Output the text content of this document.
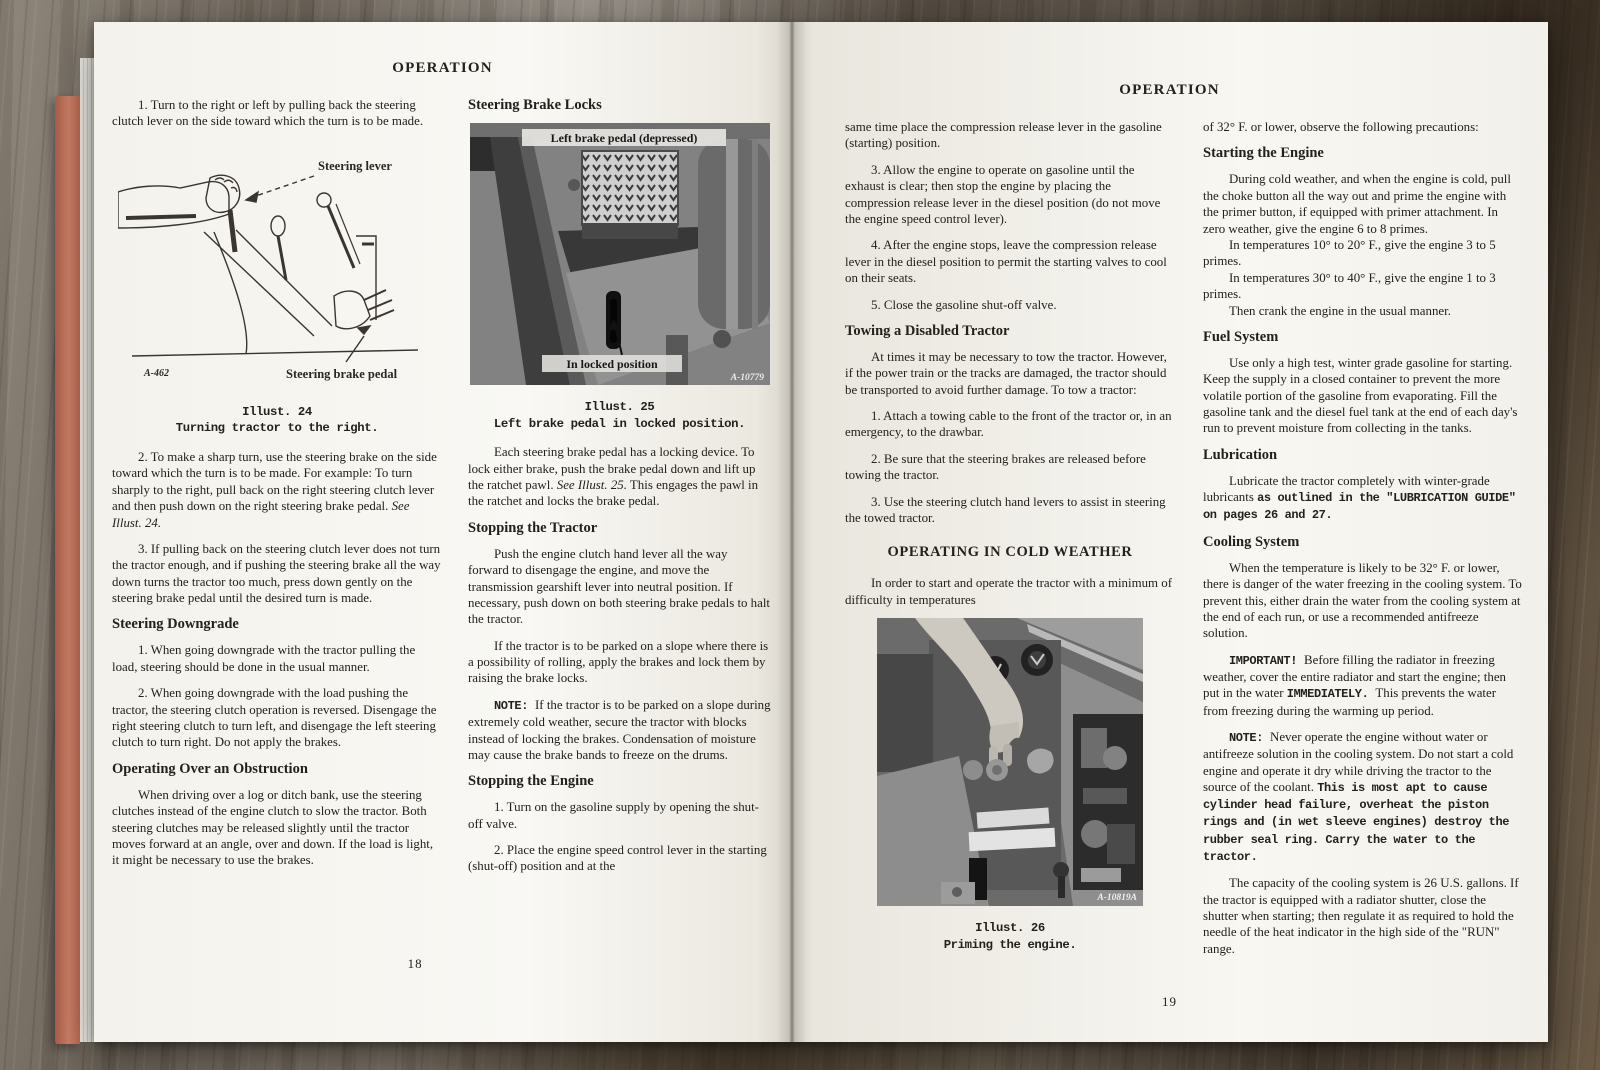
OPERATION

1. Turn to the right or left by pulling back the steering clutch lever on the side toward which the turn is to be made.

Steering lever
Steering brake pedal
A-462
Illust. 24
Turning tractor to the right.

2. To make a sharp turn, use the steering brake on the side toward which the turn is to be made. For example: To turn sharply to the right, pull back on the right steering clutch lever and then push down on the right steering brake pedal. See Illust. 24.

3. If pulling back on the steering clutch lever does not turn the tractor enough, and if pushing the steering brake all the way down turns the tractor too much, press down gently on the steering brake pedal until the desired turn is made.

Steering Downgrade

1. When going downgrade with the tractor pulling the load, steering should be done in the usual manner.

2. When going downgrade with the load pushing the tractor, the steering clutch operation is reversed. Disengage the right steering clutch to turn left, and disengage the left steering clutch to turn right. Do not apply the brakes.

Operating Over an Obstruction

When driving over a log or ditch bank, use the steering clutches instead of the engine clutch to slow the tractor. Both steering clutches may be released slightly until the tractor moves forward at an angle, over and down. If the load is light, it might be necessary to use the brakes.

Steering Brake Locks
Left brake pedal (depressed)
In locked position
A-10779
Illust. 25
Left brake pedal in locked position.

Each steering brake pedal has a locking device. To lock either brake, push the brake pedal down and lift up the ratchet pawl. See Illust. 25. This engages the pawl in the ratchet and locks the brake pedal.

Stopping the Tractor

Push the engine clutch hand lever all the way forward to disengage the engine, and move the transmission gearshift lever into neutral position. If necessary, push down on both steering brake pedals to halt the tractor.

If the tractor is to be parked on a slope where there is a possibility of rolling, apply the brakes and lock them by raising the brake locks.

NOTE: If the tractor is to be parked on a slope during extremely cold weather, secure the tractor with blocks instead of locking the brakes. Condensation of moisture may cause the brake bands to freeze on the drums.

Stopping the Engine

1. Turn on the gasoline supply by opening the shut-off valve.

2. Place the engine speed control lever in the starting (shut-off) position and at the

18
OPERATION

same time place the compression release lever in the gasoline (starting) position.

3. Allow the engine to operate on gasoline until the exhaust is clear; then stop the engine by placing the compression release lever in the diesel position (do not move the engine speed control lever).

4. After the engine stops, leave the compression release lever in the diesel position to permit the starting valves to cool on their seats.

5. Close the gasoline shut-off valve.

Towing a Disabled Tractor

At times it may be necessary to tow the tractor. However, if the power train or the tracks are damaged, the tractor should be transported to avoid further damage. To tow a tractor:

1. Attach a towing cable to the front of the tractor or, in an emergency, to the drawbar.

2. Be sure that the steering brakes are released before towing the tractor.

3. Use the steering clutch hand levers to assist in steering the towed tractor.

OPERATING IN COLD WEATHER

In order to start and operate the tractor with a minimum of difficulty in temperatures

A-10819A
Illust. 26
Priming the engine.

of 32° F. or lower, observe the following precautions:

Starting the Engine

During cold weather, and when the engine is cold, pull the choke button all the way out and prime the engine with the primer button, if equipped with primer attachment. In zero weather, give the engine 6 to 8 primes.

In temperatures 10° to 20° F., give the engine 3 to 5 primes.

In temperatures 30° to 40° F., give the engine 1 to 3 primes.

Then crank the engine in the usual manner.

Fuel System

Use only a high test, winter grade gasoline for starting. Keep the supply in a closed container to prevent the more volatile portion of the gasoline from evaporating. Fill the gasoline tank and the diesel fuel tank at the end of each day's run to prevent moisture from collecting in the tanks.

Lubrication

Lubricate the tractor completely with winter-grade lubricants as outlined in the "LUBRICATION GUIDE" on pages 26 and 27.

Cooling System

When the temperature is likely to be 32° F. or lower, there is danger of the water freezing in the cooling system. To prevent this, either drain the water from the cooling system at the end of each run, or use a recommended antifreeze solution.

IMPORTANT! Before filling the radiator in freezing weather, cover the entire radiator and start the engine; then put in the water IMMEDIATELY. This prevents the water from freezing during the warming up period.

NOTE: Never operate the engine without water or antifreeze solution in the cooling system. Do not start a cold engine and operate it dry while driving the tractor to the source of the coolant. This is most apt to cause cylinder head failure, overheat the piston rings and (in wet sleeve engines) destroy the rubber seal ring. Carry the water to the tractor.

The capacity of the cooling system is 26 U.S. gallons. If the tractor is equipped with a radiator shutter, close the shutter when starting; then regulate it as required to hold the needle of the heat indicator in the high side of the "RUN" range.

19
